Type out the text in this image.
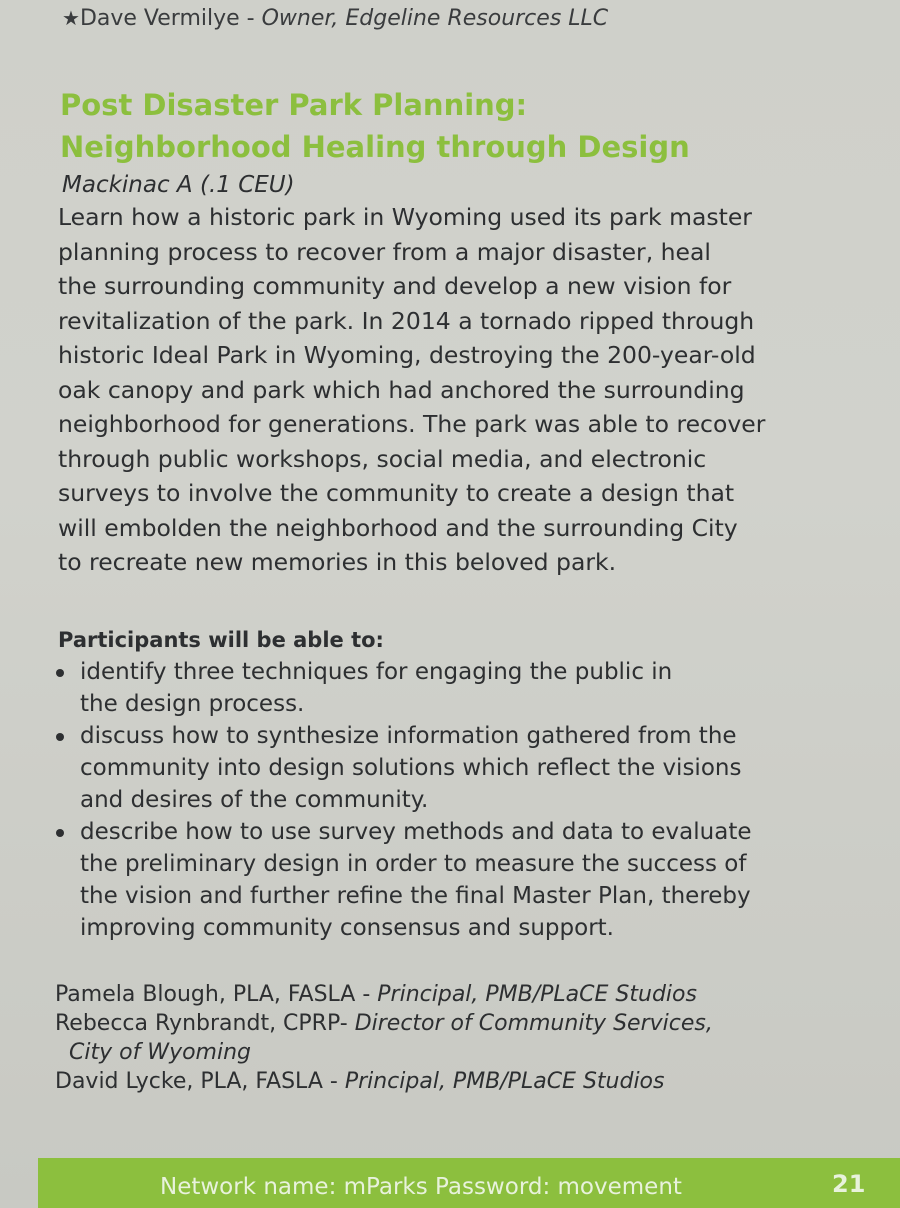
★Dave Vermilye - Owner, Edgeline Resources LLC
Post Disaster Park Planning:
Neighborhood Healing through Design
Mackinac A (.1 CEU)
Learn how a historic park in Wyoming used its park master
planning process to recover from a major disaster, heal
the surrounding community and develop a new vision for
revitalization of the park. In 2014 a tornado ripped through
historic Ideal Park in Wyoming, destroying the 200-year-old
oak canopy and park which had anchored the surrounding
neighborhood for generations. The park was able to recover
through public workshops, social media, and electronic
surveys to involve the community to create a design that
will embolden the neighborhood and the surrounding City
to recreate new memories in this beloved park.
Participants will be able to:
identify three techniques for engaging the public in
the design process.
discuss how to synthesize information gathered from the
community into design solutions which reflect the visions
and desires of the community.
describe how to use survey methods and data to evaluate
the preliminary design in order to measure the success of
the vision and further refine the final Master Plan, thereby
improving community consensus and support.
Pamela Blough, PLA, FASLA - Principal, PMB/PLaCE Studios
Rebecca Rynbrandt, CPRP- Director of Community Services,
City of Wyoming
David Lycke, PLA, FASLA - Principal, PMB/PLaCE Studios
Network name: mParks Password: movement	21
